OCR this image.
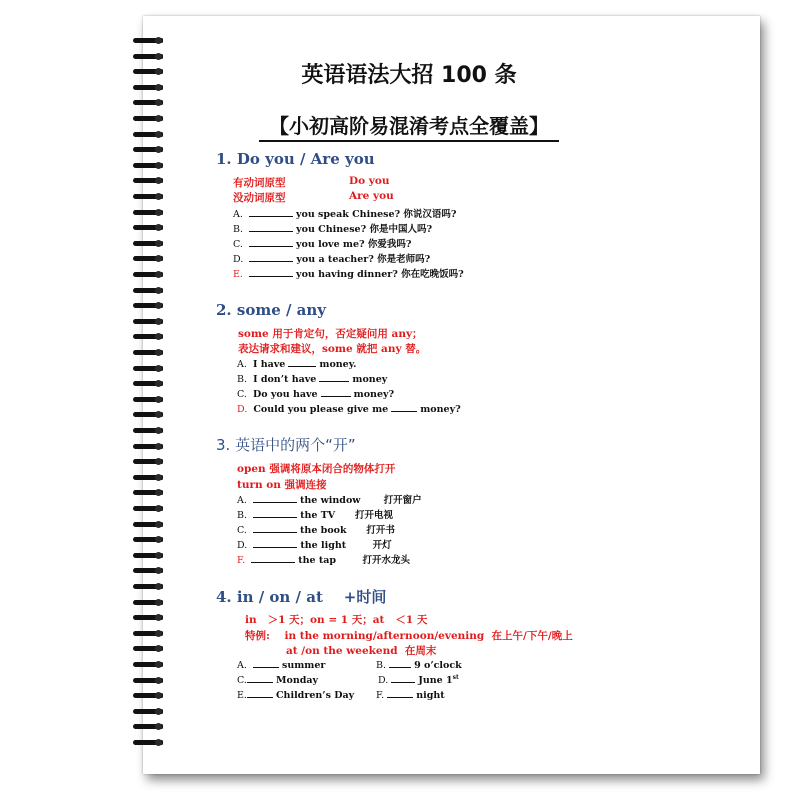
英语语法大招 100 条
【小初高阶易混淆考点全覆盖】
1. Do you / Are you
有动词原型	Do you
没动词原型	Are you
A.	you speak Chinese? 你说汉语吗?
B.	you Chinese? 你是中国人吗?
C.	you love me? 你爱我吗?
D.	you a teacher? 你是老师吗?
E.	you having dinner? 你在吃晚饭吗?
2. some / any
some 用于肯定句，否定疑问用 any；
表达请求和建议，some 就把 any 替。
A. I have	money.
B. I don’t have	money
C. Do you have	money?
D. Could you please give me	money?
3. 英语中的两个“开”
open 强调将原本闭合的物体打开
turn on 强调连接
A.	the window       打开窗户
B.	the TV      打开电视
C.	the book      打开书
D.	the light        开灯
F.	the tap        打开水龙头
4. in / on / at    +时间
in   ＞1 天；on = 1 天；at   ＜1 天
特例:    in the morning/afternoon/evening  在上午/下午/晚上
at /on the weekend  在周末
A.	summer	B.	9 o’clock
C.	Monday	D.	June 1st
E.	Children’s Day F.	night
